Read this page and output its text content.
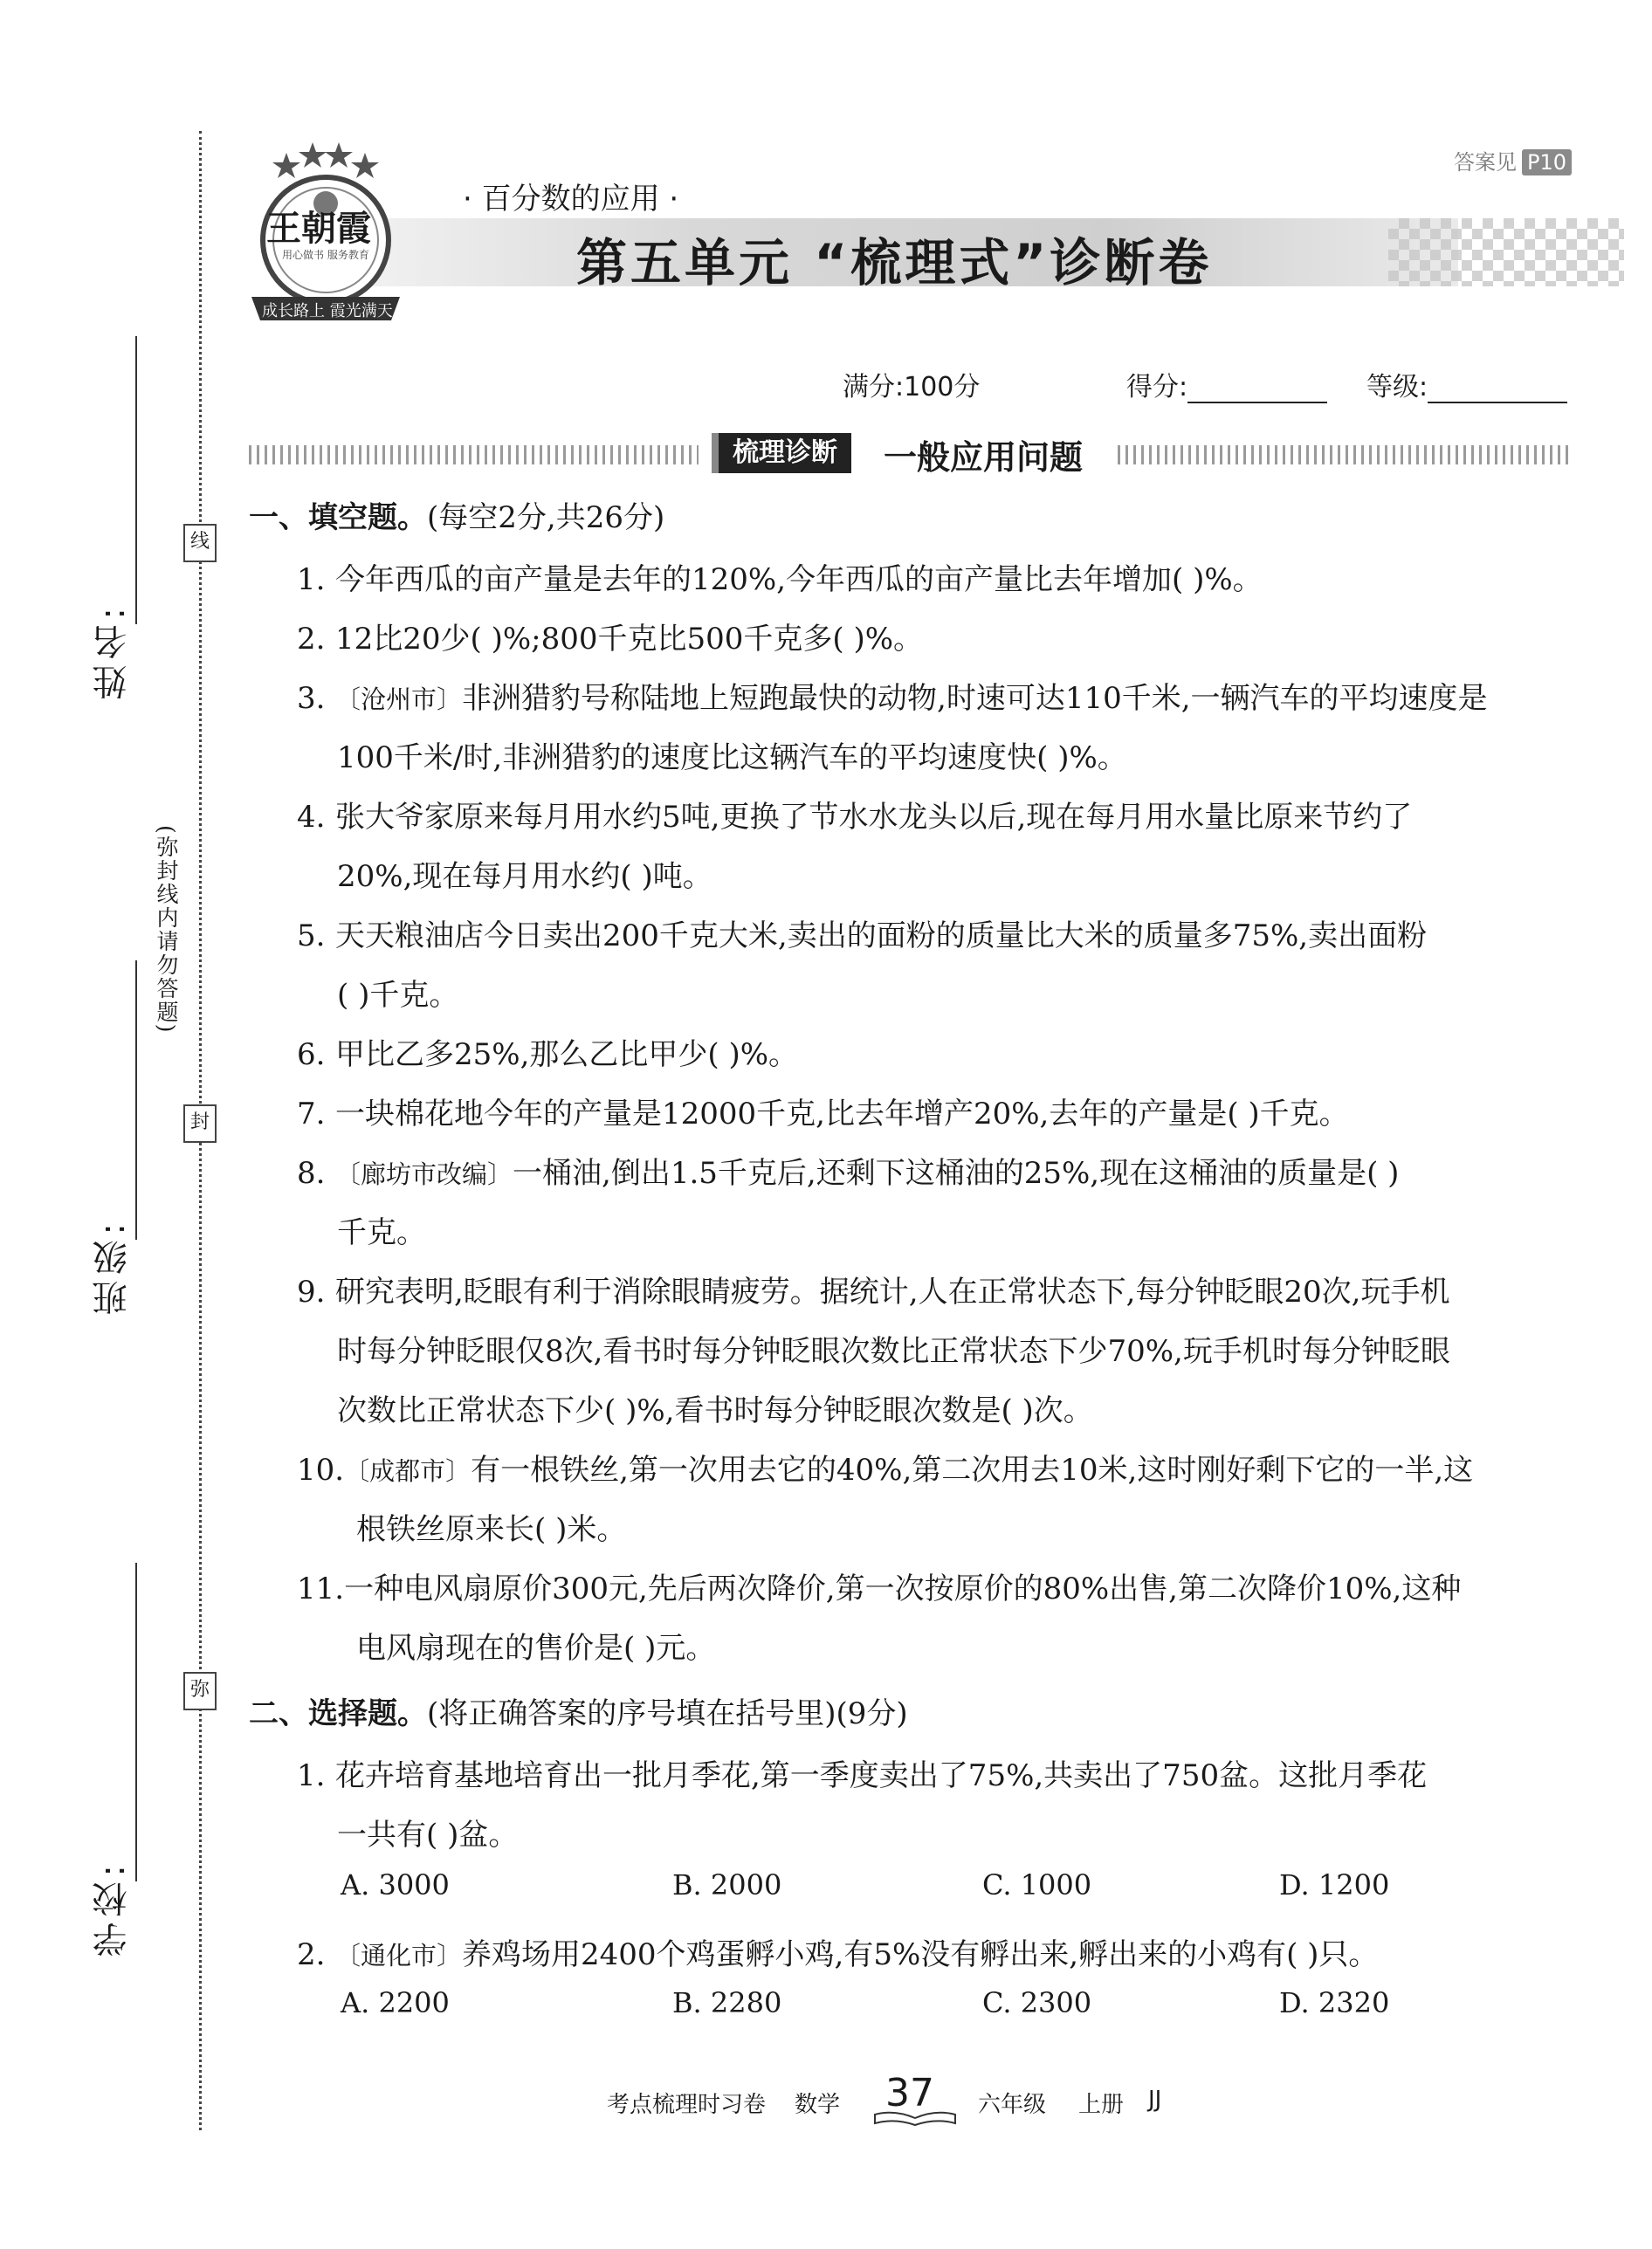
线
封
弥
姓名:
班级:
学校:
(弥封线内请勿答题)
答案见 P10
王朝霞
用心做书 服务教育
成长路上 霞光满天
· 百分数的应用 ·
第五单元 “梳理式”诊断卷
满分:100分	得分:	等级:
梳理诊断	一般应用问题
一、填空题。(每空2分,共26分)
1. 今年西瓜的亩产量是去年的120%,今年西瓜的亩产量比去年增加( )%。
2. 12比20少( )%;800千克比500千克多( )%。
3. 〔沧州市〕非洲猎豹号称陆地上短跑最快的动物,时速可达110千米,一辆汽车的平均速度是
100千米/时,非洲猎豹的速度比这辆汽车的平均速度快( )%。
4. 张大爷家原来每月用水约5吨,更换了节水水龙头以后,现在每月用水量比原来节约了
20%,现在每月用水约( )吨。
5. 天天粮油店今日卖出200千克大米,卖出的面粉的质量比大米的质量多75%,卖出面粉
( )千克。
6. 甲比乙多25%,那么乙比甲少( )%。
7. 一块棉花地今年的产量是12000千克,比去年增产20%,去年的产量是( )千克。
8. 〔廊坊市改编〕一桶油,倒出1.5千克后,还剩下这桶油的25%,现在这桶油的质量是( )
千克。
9. 研究表明,眨眼有利于消除眼睛疲劳。据统计,人在正常状态下,每分钟眨眼20次,玩手机
时每分钟眨眼仅8次,看书时每分钟眨眼次数比正常状态下少70%,玩手机时每分钟眨眼
次数比正常状态下少( )%,看书时每分钟眨眼次数是( )次。
10.〔成都市〕有一根铁丝,第一次用去它的40%,第二次用去10米,这时刚好剩下它的一半,这
根铁丝原来长( )米。
11.一种电风扇原价300元,先后两次降价,第一次按原价的80%出售,第二次降价10%,这种
电风扇现在的售价是( )元。
二、选择题。(将正确答案的序号填在括号里)(9分)
1. 花卉培育基地培育出一批月季花,第一季度卖出了75%,共卖出了750盆。这批月季花
一共有( )盆。
A. 3000	B. 2000	C. 1000	D. 1200
2. 〔通化市〕养鸡场用2400个鸡蛋孵小鸡,有5%没有孵出来,孵出来的小鸡有( )只。
A. 2200	B. 2280	C. 2300	D. 2320
考点梳理时习卷 数学 37 六年级 上册 JJ
